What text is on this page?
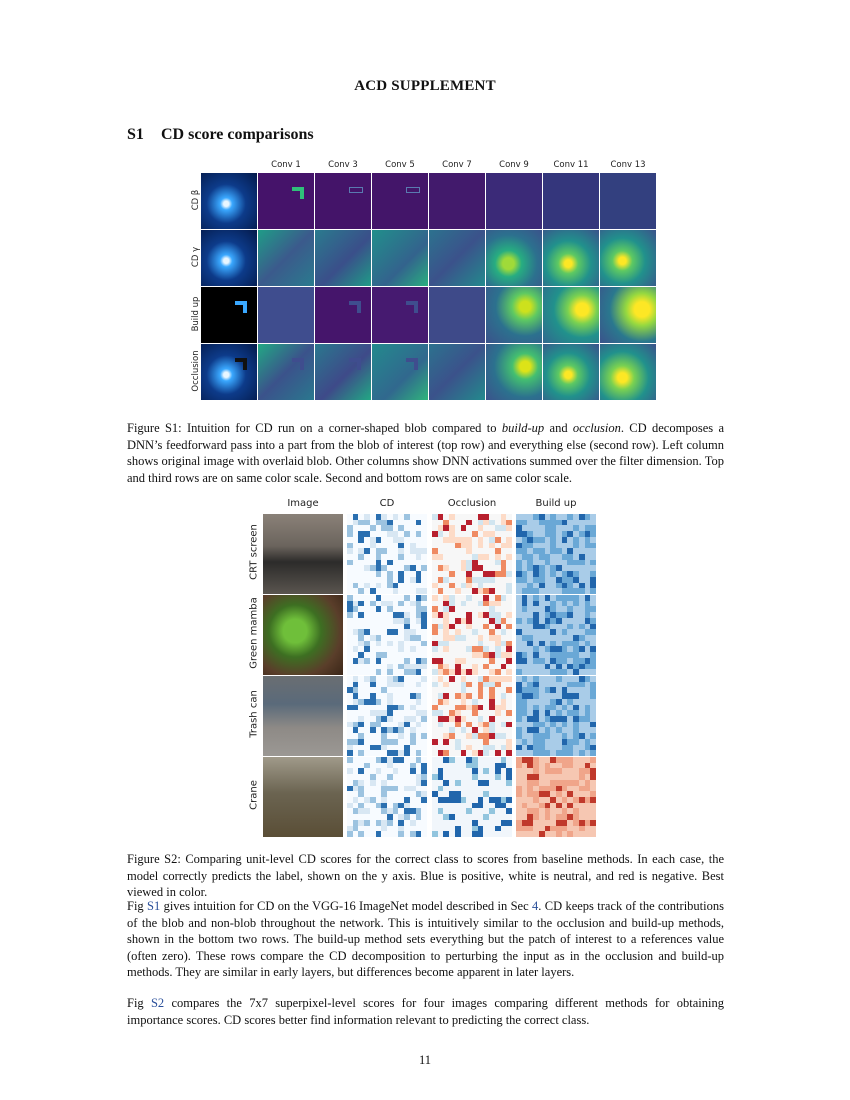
ACD SUPPLEMENT
S1 CD score comparisons
Conv 1	Conv 3	Conv 5	Conv 7	Conv 9	Conv 11	Conv 13
CD β
CD γ
Build up
Occlusion
Figure S1: Intuition for CD run on a corner-shaped blob compared to build-up and occlusion. CD decomposes a DNN’s feedforward pass into a part from the blob of interest (top row) and everything else (second row). Left column shows original image with overlaid blob. Other columns show DNN activations summed over the filter dimension. Top and third rows are on same color scale. Second and bottom rows are on same color scale.
Image	CD	Occlusion	Build up
CRT screen
Green mamba
Trash can
Crane
Figure S2: Comparing unit-level CD scores for the correct class to scores from baseline methods. In each case, the model correctly predicts the label, shown on the y axis. Blue is positive, white is neutral, and red is negative. Best viewed in color.
Fig S1 gives intuition for CD on the VGG-16 ImageNet model described in Sec 4. CD keeps track of the contributions of the blob and non-blob throughout the network. This is intuitively similar to the occlusion and build-up methods, shown in the bottom two rows. The build-up method sets everything but the patch of interest to a references value (often zero). These rows compare the CD decomposition to perturbing the input as in the occlusion and build-up methods. They are similar in early layers, but differences become apparent in later layers.
Fig S2 compares the 7x7 superpixel-level scores for four images comparing different methods for obtaining importance scores. CD scores better find information relevant to predicting the correct class.
11
